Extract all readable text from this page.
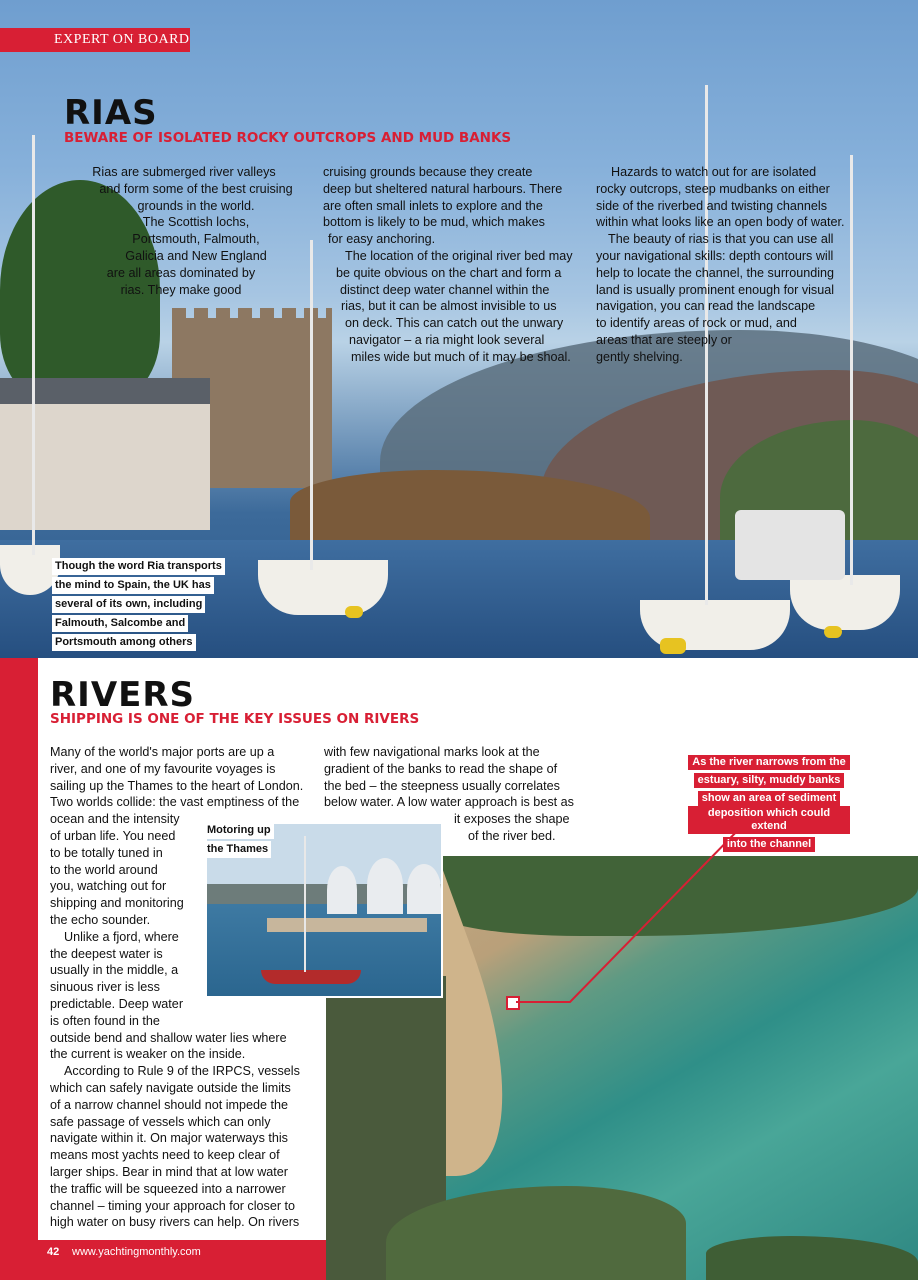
EXPERT ON BOARD
RIAS
BEWARE OF ISOLATED ROCKY OUTCROPS AND MUD BANKS

Rias are submerged river valleys

and form some of the best cruising

grounds in the world.

The Scottish lochs,

Portsmouth, Falmouth,

Galicia and New England

are all areas dominated by

rias. They make good

cruising grounds because they create

deep but sheltered natural harbours. There

are often small inlets to explore and the

bottom is likely to be mud, which makes

for easy anchoring.

The location of the original river bed may

be quite obvious on the chart and form a

distinct deep water channel within the

rias, but it can be almost invisible to us

on deck. This can catch out the unwary

navigator – a ria might look several

miles wide but much of it may be shoal.

Hazards to watch out for are isolated

rocky outcrops, steep mudbanks on either

side of the riverbed and twisting channels

within what looks like an open body of water.

The beauty of rias is that you can use all

your navigational skills: depth contours will

help to locate the channel, the surrounding

land is usually prominent enough for visual

navigation, you can read the landscape

to identify areas of rock or mud, and

areas that are steeply or

gently shelving.

Though the word Ria transports
the mind to Spain, the UK has
several of its own, including
Falmouth, Salcombe and
Portsmouth among others
RIVERS
SHIPPING IS ONE OF THE KEY ISSUES ON RIVERS
As the river narrows from the
estuary, silty, muddy banks
show an area of sediment
deposition which could extend
into the channel

Many of the world's major ports are up a

river, and one of my favourite voyages is

sailing up the Thames to the heart of London.

Two worlds collide: the vast emptiness of the

ocean and the intensity

of urban life. You need

to be totally tuned in

to the world around

you, watching out for

shipping and monitoring

the echo sounder.

Unlike a fjord, where

the deepest water is

usually in the middle, a

sinuous river is less

predictable. Deep water

is often found in the

outside bend and shallow water lies where

the current is weaker on the inside.

According to Rule 9 of the IRPCS, vessels

which can safely navigate outside the limits

of a narrow channel should not impede the

safe passage of vessels which can only

navigate within it. On major waterways this

means most yachts need to keep clear of

larger ships. Bear in mind that at low water

the traffic will be squeezed into a narrower

channel – timing your approach for closer to

high water on busy rivers can help. On rivers

with few navigational marks look at the

gradient of the banks to read the shape of

the bed – the steepness usually correlates

below water. A low water approach is best as

it exposes the shape

of the river bed.

Motoring up
the Thames
42 www.yachtingmonthly.com
